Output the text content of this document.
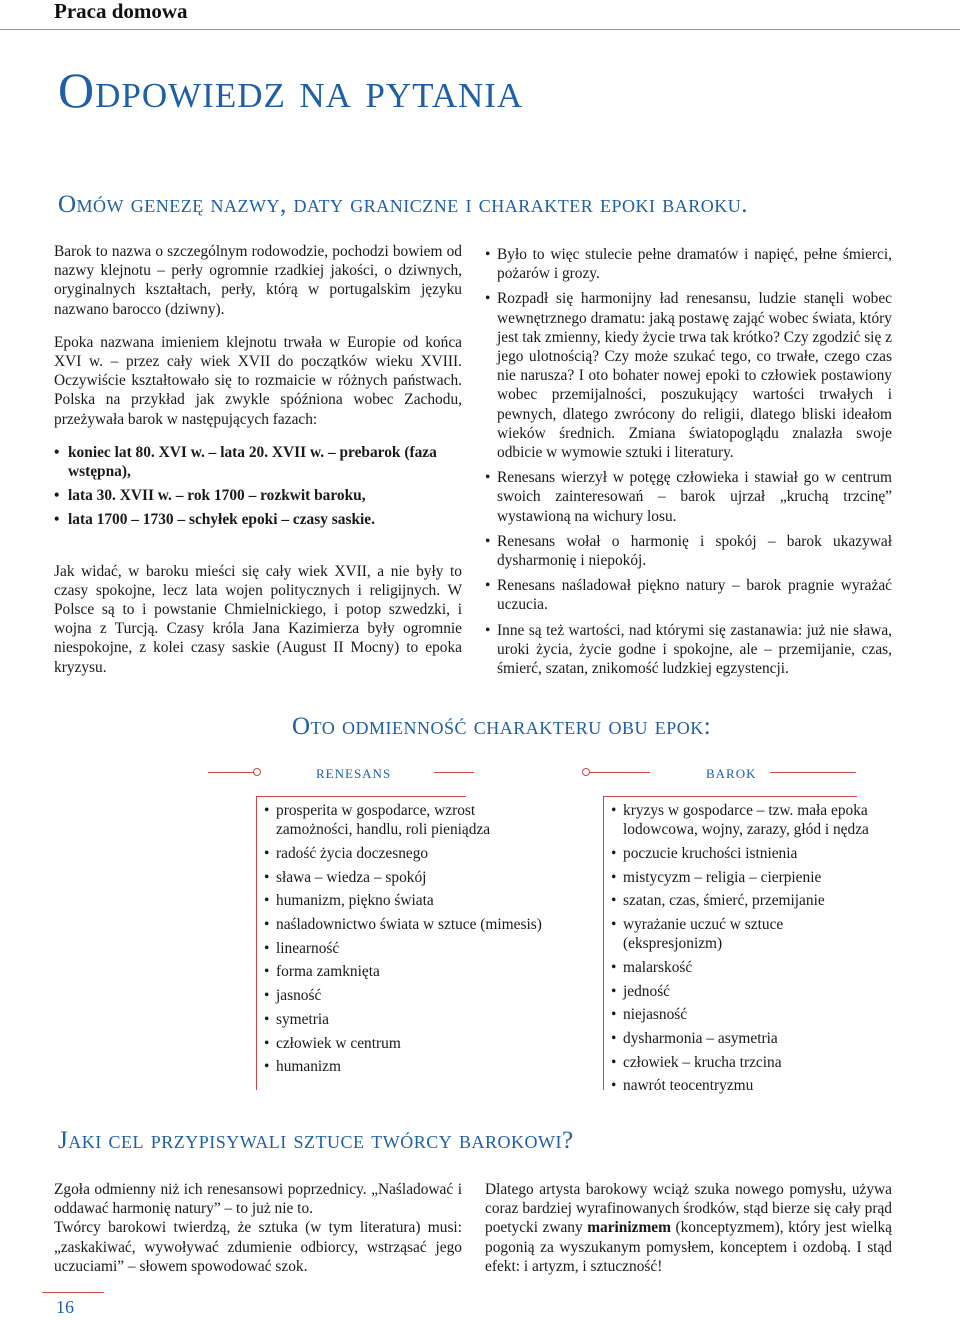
Praca domowa
Odpowiedz na pytania
Omów genezę nazwy, daty graniczne i charakter epoki baroku.

Barok to nazwa o szczególnym rodowodzie, pochodzi bowiem od nazwy klejnotu – perły ogromnie rzadkiej jakości, o dziwnych, oryginalnych kształtach, perły, którą w portugalskim języku nazwano barocco (dziwny).

Epoka nazwana imieniem klejnotu trwała w Europie od końca XVI w. – przez cały wiek XVII do początków wieku XVIII. Oczywiście kształtowało się to rozmaicie w różnych państwach. Polska na przykład jak zwykle spóźniona wobec Zachodu, przeżywała barok w następujących fazach:

• koniec lat 80. XVI w. – lata 20. XVII w. – prebarok (faza wstępna),
• lata 30. XVII w. – rok 1700 – rozkwit baroku,
• lata 1700 – 1730 – schyłek epoki – czasy saskie.

Jak widać, w baroku mieści się cały wiek XVII, a nie były to czasy spokojne, lecz lata wojen politycznych i religijnych. W Polsce są to i powstanie Chmielnickiego, i potop szwedzki, i wojna z Turcją. Czasy króla Jana Kazimierza były ogromnie niespokojne, z kolei czasy saskie (August II Mocny) to epoka kryzysu.

• Było to więc stulecie pełne dramatów i napięć, pełne śmierci, pożarów i grozy.
• Rozpadł się harmonijny ład renesansu, ludzie stanęli wobec wewnętrznego dramatu: jaką postawę zająć wobec świata, który jest tak zmienny, kiedy życie trwa tak krótko? Czy zgodzić się z jego ulotnością? Czy może szukać tego, co trwałe, czego czas nie narusza? I oto bohater nowej epoki to człowiek postawiony wobec przemijalności, poszukujący wartości trwałych i pewnych, dlatego zwrócony do religii, dlatego bliski ideałom wieków średnich. Zmiana światopoglądu znalazła swoje odbicie w wymowie sztuki i literatury.
• Renesans wierzył w potęgę człowieka i stawiał go w centrum swoich zainteresowań – barok ujrzał „kruchą trzcinę” wystawioną na wichury losu.
• Renesans wołał o harmonię i spokój – barok ukazywał dysharmonię i niepokój.
• Renesans naśladował piękno natury – barok pragnie wyrażać uczucia.
• Inne są też wartości, nad którymi się zastanawia: już nie sława, uroki życia, życie godne i spokojne, ale – przemijanie, czas, śmierć, szatan, znikomość ludzkiej egzystencji.
Oto odmienność charakteru obu epok:
renesans
• prosperita w gospodarce, wzrost zamożności, handlu, roli pieniądza
• radość życia doczesnego
• sława – wiedza – spokój
• humanizm, piękno świata
• naśladownictwo świata w sztuce (mimesis)
• linearność
• forma zamknięta
• jasność
• symetria
• człowiek w centrum
• humanizm
barok
• kryzys w gospodarce – tzw. mała epoka lodowcowa, wojny, zarazy, głód i nędza
• poczucie kruchości istnienia
• mistycyzm – religia – cierpienie
• szatan, czas, śmierć, przemijanie
• wyrażanie uczuć w sztuce (ekspresjonizm)
• malarskość
• jedność
• niejasność
• dysharmonia – asymetria
• człowiek – krucha trzcina
• nawrót teocentryzmu
Jaki cel przypisywali sztuce twórcy barokowi?

Zgoła odmienny niż ich renesansowi poprzednicy. „Naśladować i oddawać harmonię natury” – to już nie to.

Twórcy barokowi twierdzą, że sztuka (w tym literatura) musi: „zaskakiwać, wywoływać zdumienie odbiorcy, wstrząsać jego uczuciami” – słowem spowodować szok.

Dlatego artysta barokowy wciąż szuka nowego pomysłu, używa coraz bardziej wyrafinowanych środków, stąd bierze się cały prąd poetycki zwany marinizmem (konceptyzmem), który jest wielką pogonią za wyszukanym pomysłem, konceptem i ozdobą. I stąd efekt: i artyzm, i sztuczność!

16
